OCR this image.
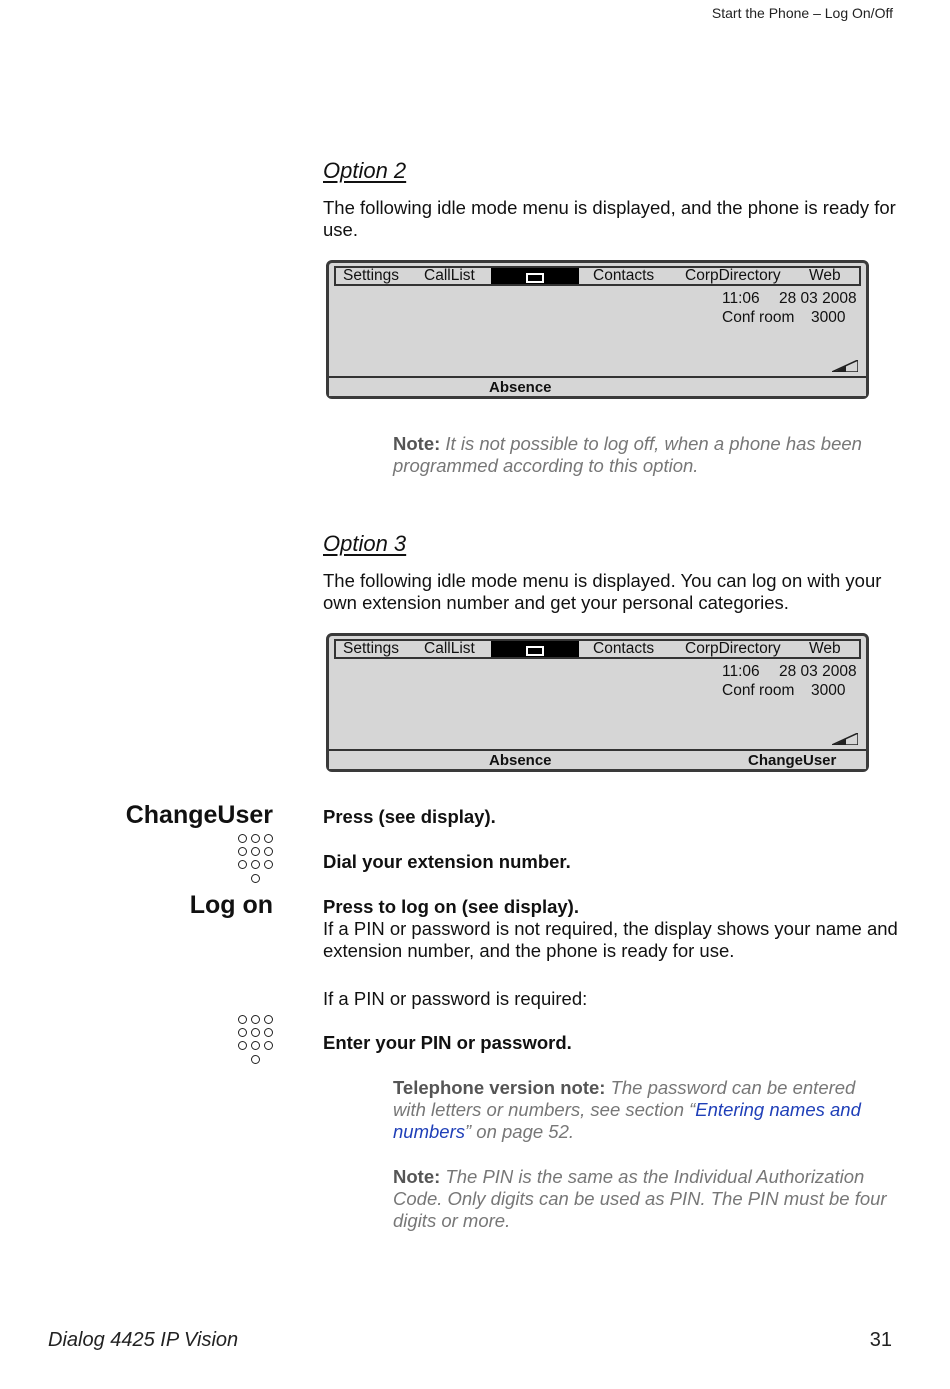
Start the Phone – Log On/Off
Option 2
The following idle mode menu is displayed, and the phone is ready for use.
Settings CallList	Contacts CorpDirectory Web
11:06 28 03 2008
Conf room 3000
Absence
Note: It is not possible to log off, when a phone has been programmed according to this option.
Option 3
The following idle mode menu is displayed. You can log on with your own extension number and get your personal categories.
Settings CallList	Contacts CorpDirectory Web
11:06 28 03 2008
Conf room 3000
Absence	ChangeUser
ChangeUser	Press (see display).
Dial your extension number.
Log on	Press to log on (see display).
If a PIN or password is not required, the display shows your name and extension number, and the phone is ready for use.
If a PIN or password is required:
Enter your PIN or password.
Telephone version note: The password can be entered with letters or numbers, see section “Entering names and numbers” on page 52.
Note: The PIN is the same as the Individual Authorization Code. Only digits can be used as PIN. The PIN must be four digits or more.
Dialog 4425 IP Vision	31
